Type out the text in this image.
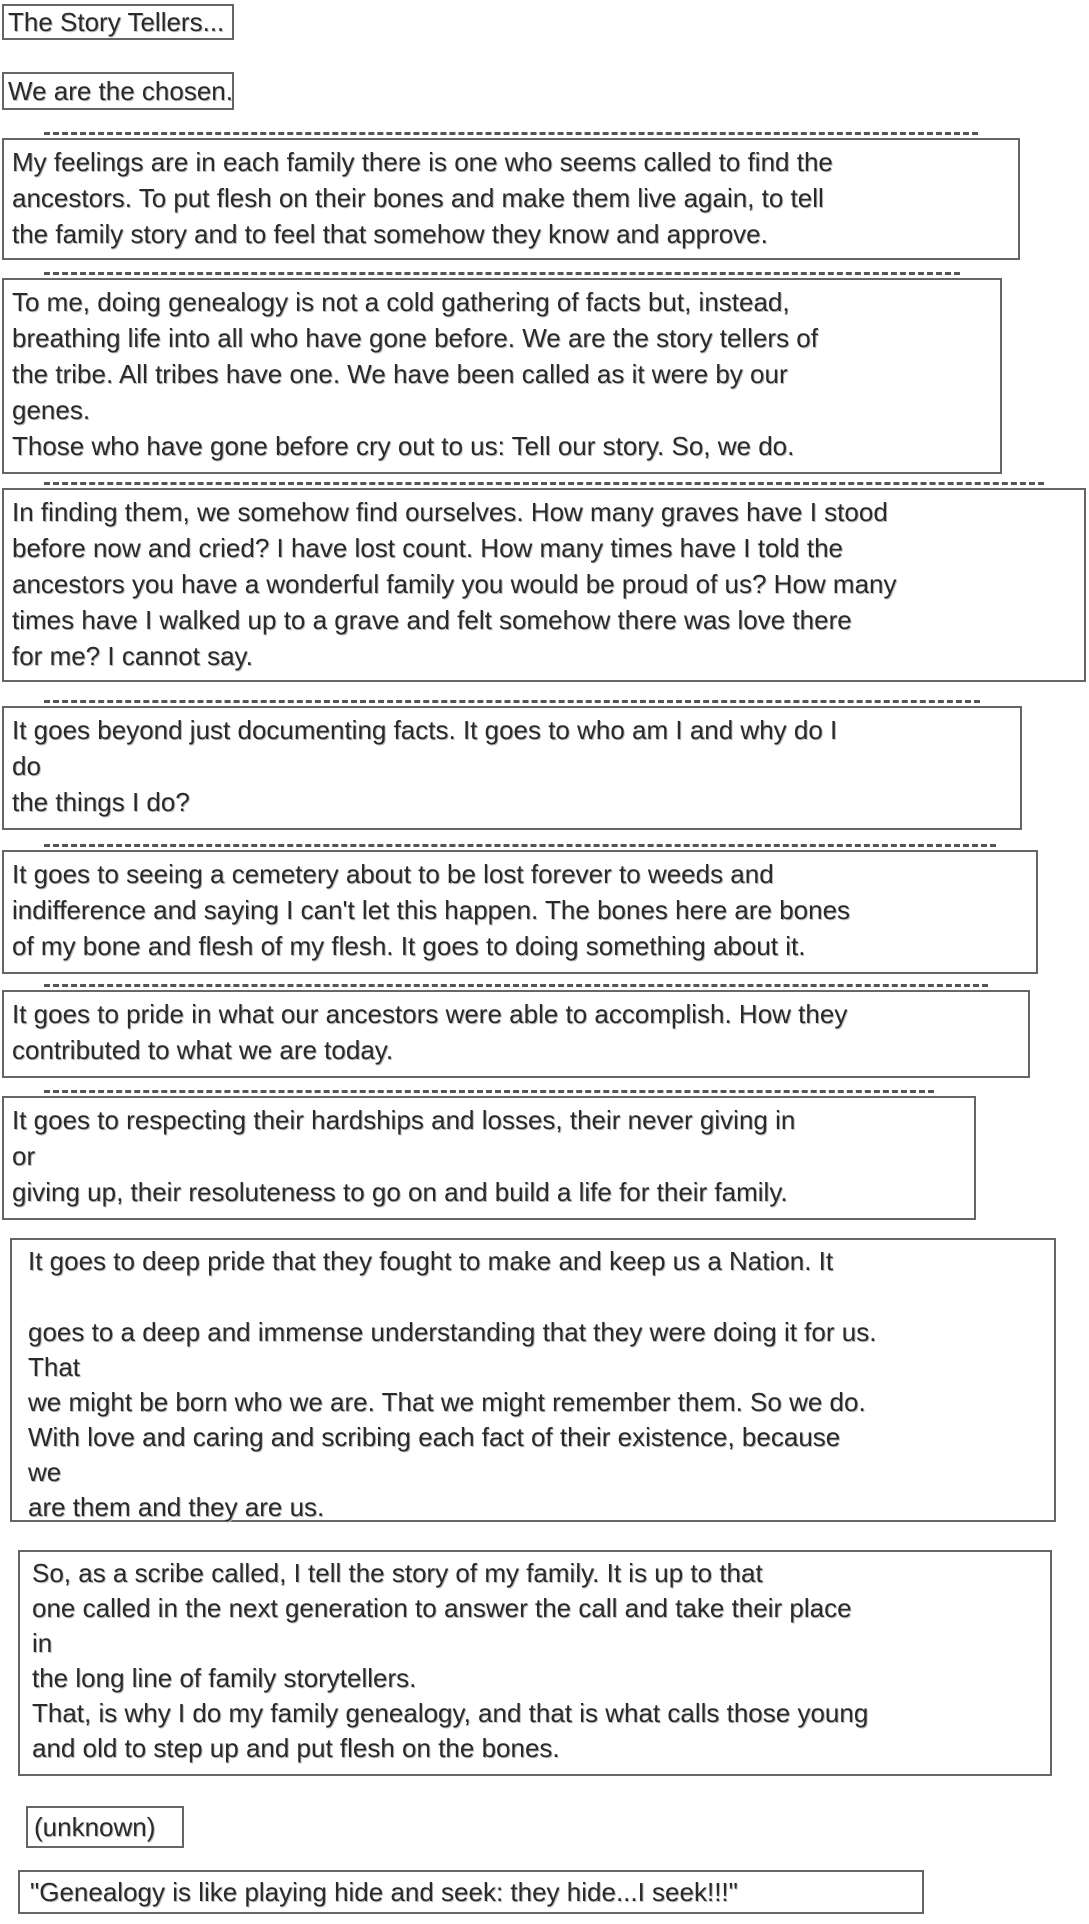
The Story Tellers...
We are the chosen.
My feelings are in each family there is one who seems called to find the
ancestors. To put flesh on their bones and make them live again, to tell
the family story and to feel that somehow they know and approve.
To me, doing genealogy is not a cold gathering of facts but, instead,
breathing life into all who have gone before. We are the story tellers of
the tribe. All tribes have one. We have been called as it were by our
genes.
Those who have gone before cry out to us: Tell our story. So, we do.
In finding them, we somehow find ourselves. How many graves have I stood
before now and cried? I have lost count. How many times have I told the
ancestors you have a wonderful family you would be proud of us? How many
times have I walked up to a grave and felt somehow there was love there
for me? I cannot say.
It goes beyond just documenting facts. It goes to who am I and why do I
do
the things I do?
It goes to seeing a cemetery about to be lost forever to weeds and
indifference and saying I can't let this happen. The bones here are bones
of my bone and flesh of my flesh. It goes to doing something about it.
It goes to pride in what our ancestors were able to accomplish. How they
contributed to what we are today.
It goes to respecting their hardships and losses, their never giving in
or
giving up, their resoluteness to go on and build a life for their family.
It goes to deep pride that they fought to make and keep us a Nation. It
goes to a deep and immense understanding that they were doing it for us.
That
we might be born who we are. That we might remember them. So we do.
With love and caring and scribing each fact of their existence, because
we
are them and they are us.
So, as a scribe called, I tell the story of my family. It is up to that
one called in the next generation to answer the call and take their place
in
the long line of family storytellers.
That, is why I do my family genealogy, and that is what calls those young
and old to step up and put flesh on the bones.
(unknown)
"Genealogy is like playing hide and seek: they hide...I seek!!!"
